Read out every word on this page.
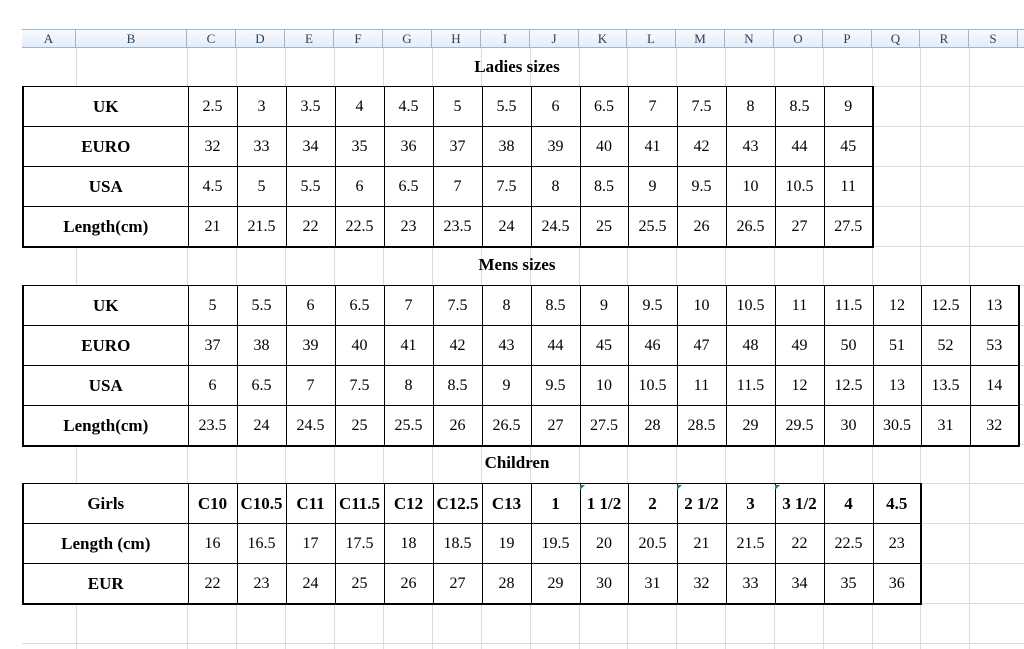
A	B	C	D	E	F	G	H	I	J	K	L	M	N	O	P	Q	R	S
Ladies sizes
UK	2.5	3	3.5	4	4.5	5	5.5	6	6.5	7	7.5	8	8.5	9
EURO	32	33	34	35	36	37	38	39	40	41	42	43	44	45
USA	4.5	5	5.5	6	6.5	7	7.5	8	8.5	9	9.5	10	10.5	11
Length(cm)	21	21.5	22	22.5	23	23.5	24	24.5	25	25.5	26	26.5	27	27.5
Mens sizes
UK	5	5.5	6	6.5	7	7.5	8	8.5	9	9.5	10	10.5	11	11.5	12	12.5	13
EURO	37	38	39	40	41	42	43	44	45	46	47	48	49	50	51	52	53
USA	6	6.5	7	7.5	8	8.5	9	9.5	10	10.5	11	11.5	12	12.5	13	13.5	14
Length(cm)	23.5	24	24.5	25	25.5	26	26.5	27	27.5	28	28.5	29	29.5	30	30.5	31	32
Children
Girls	C10	C10.5	C11	C11.5	C12	C12.5	C13	1	1 1/2	2	2 1/2	3	3 1/2	4	4.5
Length (cm)	16	16.5	17	17.5	18	18.5	19	19.5	20	20.5	21	21.5	22	22.5	23
EUR	22	23	24	25	26	27	28	29	30	31	32	33	34	35	36
